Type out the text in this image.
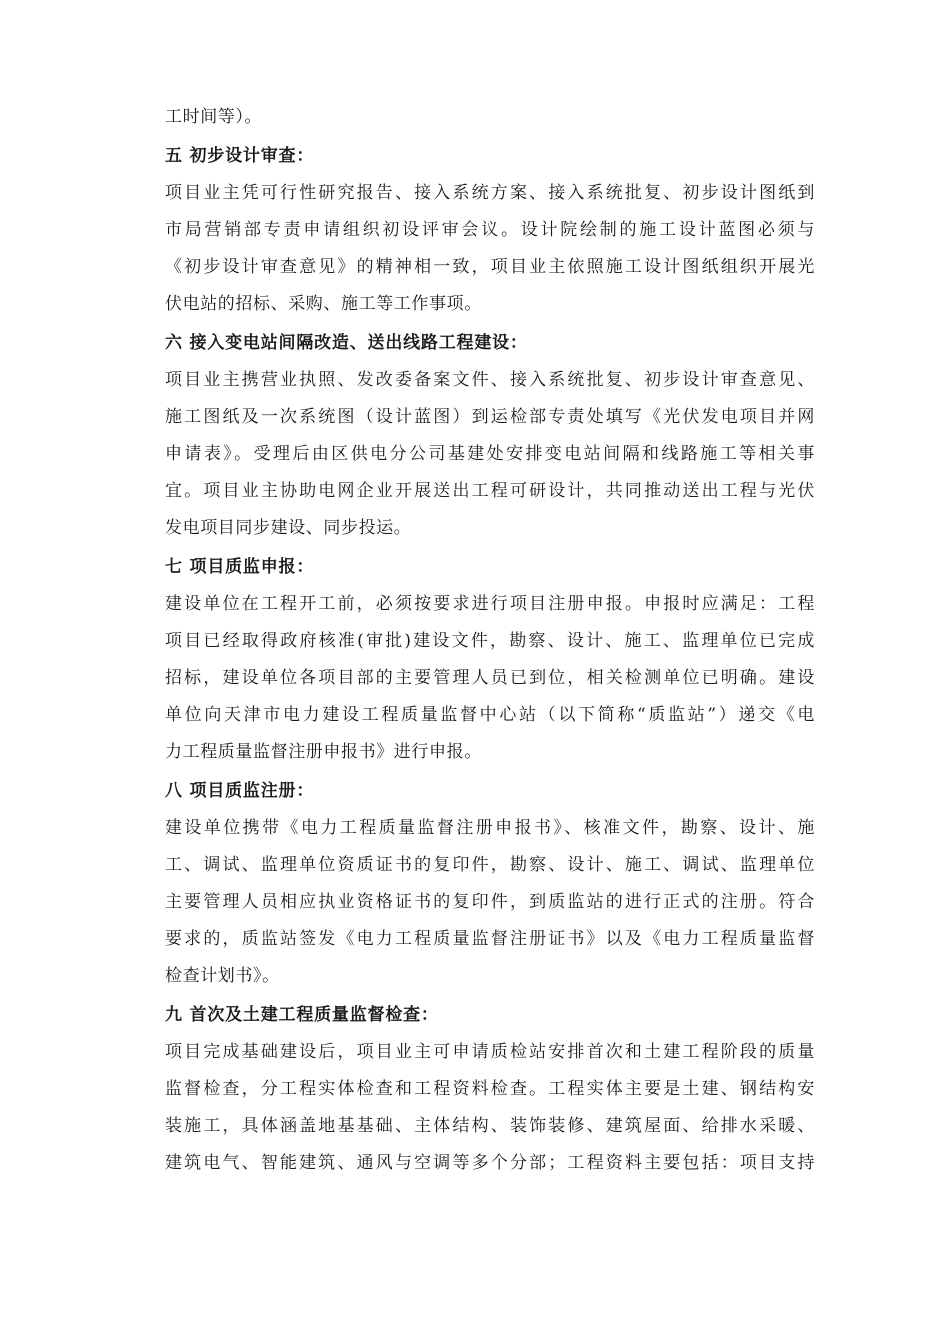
工时间等）。
五 初步设计审查：
项目业主凭可行性研究报告、接入系统方案、接入系统批复、初步设计图纸到
市局营销部专责申请组织初设评审会议。设计院绘制的施工设计蓝图必须与
《初步设计审查意见》的精神相一致，项目业主依照施工设计图纸组织开展光
伏电站的招标、采购、施工等工作事项。
六 接入变电站间隔改造、送出线路工程建设：
项目业主携营业执照、发改委备案文件、接入系统批复、初步设计审查意见、
施工图纸及一次系统图（设计蓝图）到运检部专责处填写《光伏发电项目并网
申请表》。受理后由区供电分公司基建处安排变电站间隔和线路施工等相关事
宜。项目业主协助电网企业开展送出工程可研设计，共同推动送出工程与光伏
发电项目同步建设、同步投运。
七 项目质监申报：
建设单位在工程开工前，必须按要求进行项目注册申报。申报时应满足：工程
项目已经取得政府核准(审批)建设文件，勘察、设计、施工、监理单位已完成
招标，建设单位各项目部的主要管理人员已到位，相关检测单位已明确。建设
单位向天津市电力建设工程质量监督中心站（以下简称“质监站”）递交《电
力工程质量监督注册申报书》进行申报。
八 项目质监注册：
建设单位携带《电力工程质量监督注册申报书》、核准文件，勘察、设计、施
工、调试、监理单位资质证书的复印件，勘察、设计、施工、调试、监理单位
主要管理人员相应执业资格证书的复印件，到质监站的进行正式的注册。符合
要求的，质监站签发《电力工程质量监督注册证书》以及《电力工程质量监督
检查计划书》。
九 首次及土建工程质量监督检查：
项目完成基础建设后，项目业主可申请质检站安排首次和土建工程阶段的质量
监督检查，分工程实体检查和工程资料检查。工程实体主要是土建、钢结构安
装施工，具体涵盖地基基础、主体结构、装饰装修、建筑屋面、给排水采暖、
建筑电气、智能建筑、通风与空调等多个分部；工程资料主要包括：项目支持
